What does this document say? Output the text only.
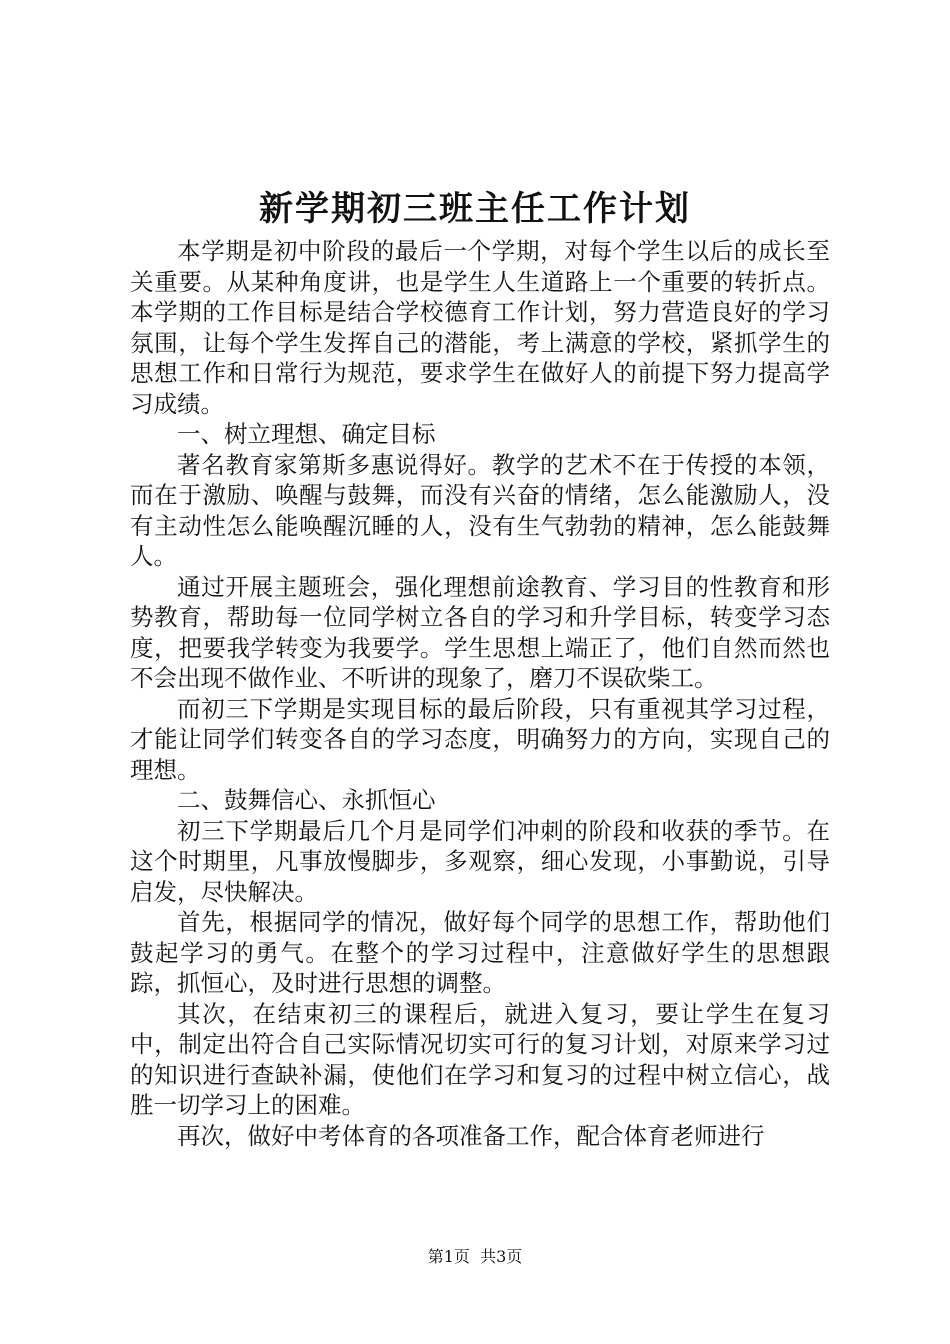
新学期初三班主任工作计划

本学期是初中阶段的最后一个学期，对每个学生以后的成长至关重要。从某种角度讲，也是学生人生道路上一个重要的转折点。本学期的工作目标是结合学校德育工作计划，努力营造良好的学习氛围，让每个学生发挥自己的潜能，考上满意的学校，紧抓学生的思想工作和日常行为规范，要求学生在做好人的前提下努力提高学习成绩。

一、树立理想、确定目标

著名教育家第斯多惠说得好。教学的艺术不在于传授的本领，而在于激励、唤醒与鼓舞，而没有兴奋的情绪，怎么能激励人，没有主动性怎么能唤醒沉睡的人，没有生气勃勃的精神，怎么能鼓舞人。

通过开展主题班会，强化理想前途教育、学习目的性教育和形势教育，帮助每一位同学树立各自的学习和升学目标，转变学习态度，把要我学转变为我要学。学生思想上端正了，他们自然而然也不会出现不做作业、不听讲的现象了，磨刀不误砍柴工。

而初三下学期是实现目标的最后阶段，只有重视其学习过程，才能让同学们转变各自的学习态度，明确努力的方向，实现自己的理想。

二、鼓舞信心、永抓恒心

初三下学期最后几个月是同学们冲刺的阶段和收获的季节。在这个时期里，凡事放慢脚步，多观察，细心发现，小事勤说，引导启发，尽快解决。

首先，根据同学的情况，做好每个同学的思想工作，帮助他们鼓起学习的勇气。在整个的学习过程中，注意做好学生的思想跟踪，抓恒心，及时进行思想的调整。

其次，在结束初三的课程后，就进入复习，要让学生在复习中，制定出符合自己实际情况切实可行的复习计划，对原来学习过的知识进行查缺补漏，使他们在学习和复习的过程中树立信心，战胜一切学习上的困难。

再次，做好中考体育的各项准备工作，配合体育老师进行

第1页 共3页
